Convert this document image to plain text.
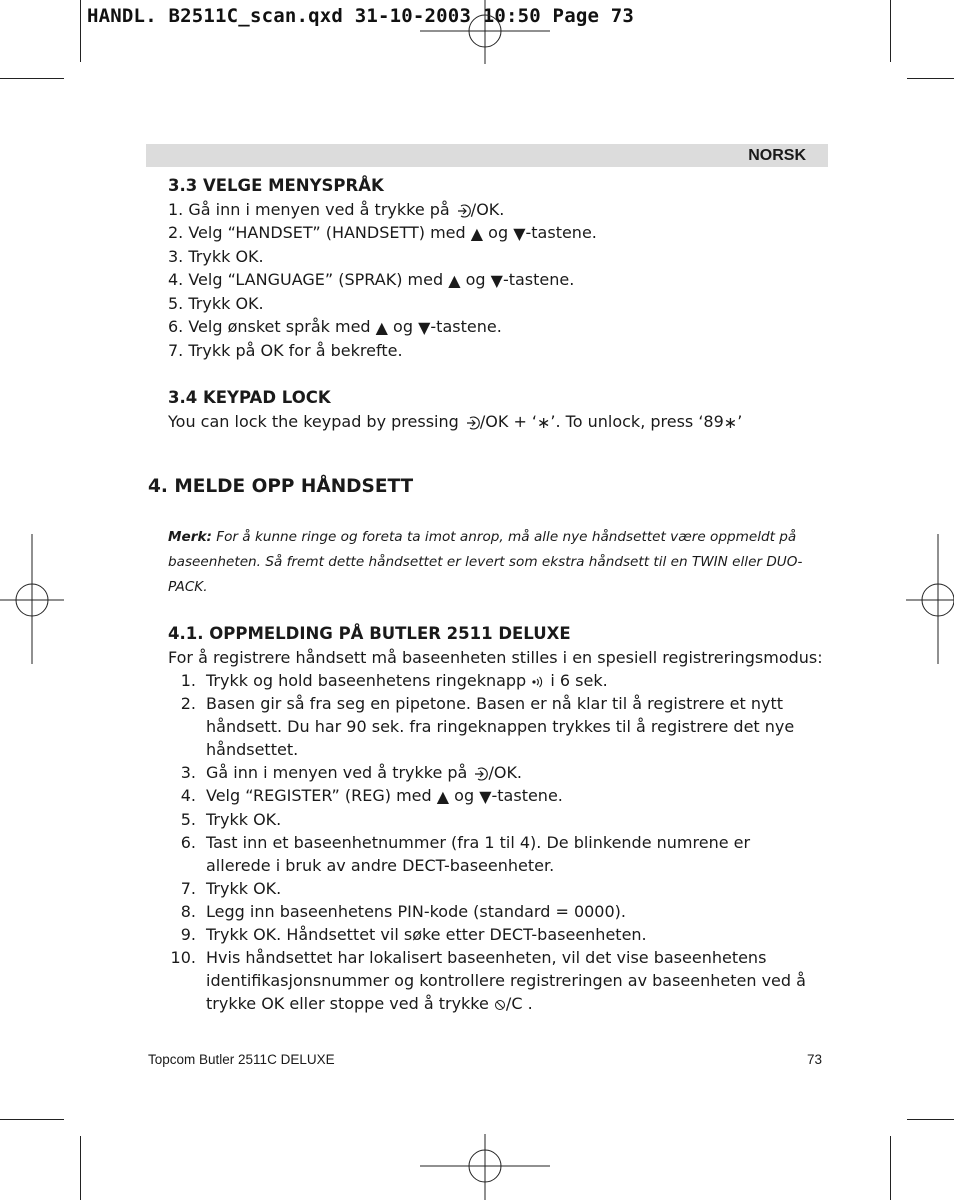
HANDL. B2511C_scan.qxd 31-10-2003 10:50 Page 73
NORSK

3.3 VELGE MENYSPRÅK

1. Gå inn i menyen ved å trykke på /OK.

2. Velg “HANDSET” (HANDSETT) med ▲ og ▼-tastene.

3. Trykk OK.

4. Velg “LANGUAGE” (SPRAK) med ▲ og ▼-tastene.

5. Trykk OK.

6. Velg ønsket språk med ▲ og ▼-tastene.

7. Trykk på OK for å bekrefte.

3.4 KEYPAD LOCK

You can lock the keypad by pressing /OK + ‘∗’. To unlock, press ‘89∗’

4. MELDE OPP HÅNDSETT

Merk: For å kunne ringe og foreta ta imot anrop, må alle nye håndsettet være oppmeldt på baseenheten. Så fremt dette håndsettet er levert som ekstra håndsett til en TWIN eller DUO-PACK.

4.1. OPPMELDING PÅ BUTLER 2511 DELUXE

For å registrere håndsett må baseenheten stilles i en spesiell registreringsmodus:

1. Trykk og hold baseenhetens ringeknapp  i 6 sek.
2. Basen gir så fra seg en pipetone. Basen er nå klar til å registrere et nytt håndsett. Du har 90 sek. fra ringeknappen trykkes til å registrere det nye håndsettet.
3. Gå inn i menyen ved å trykke på /OK.
4. Velg “REGISTER” (REG) med ▲ og ▼-tastene.
5. Trykk OK.
6. Tast inn et baseenhetnummer (fra 1 til 4). De blinkende numrene er allerede i bruk av andre DECT-baseenheter.
7. Trykk OK.
8. Legg inn baseenhetens PIN-kode (standard = 0000).
9. Trykk OK. Håndsettet vil søke etter DECT-baseenheten.
10. Hvis håndsettet har lokalisert baseenheten, vil det vise baseenhetens identifikasjonsnummer og kontrollere registreringen av baseenheten ved å trykke OK eller stoppe ved å trykke /C .
Topcom Butler 2511C DELUXE	73
